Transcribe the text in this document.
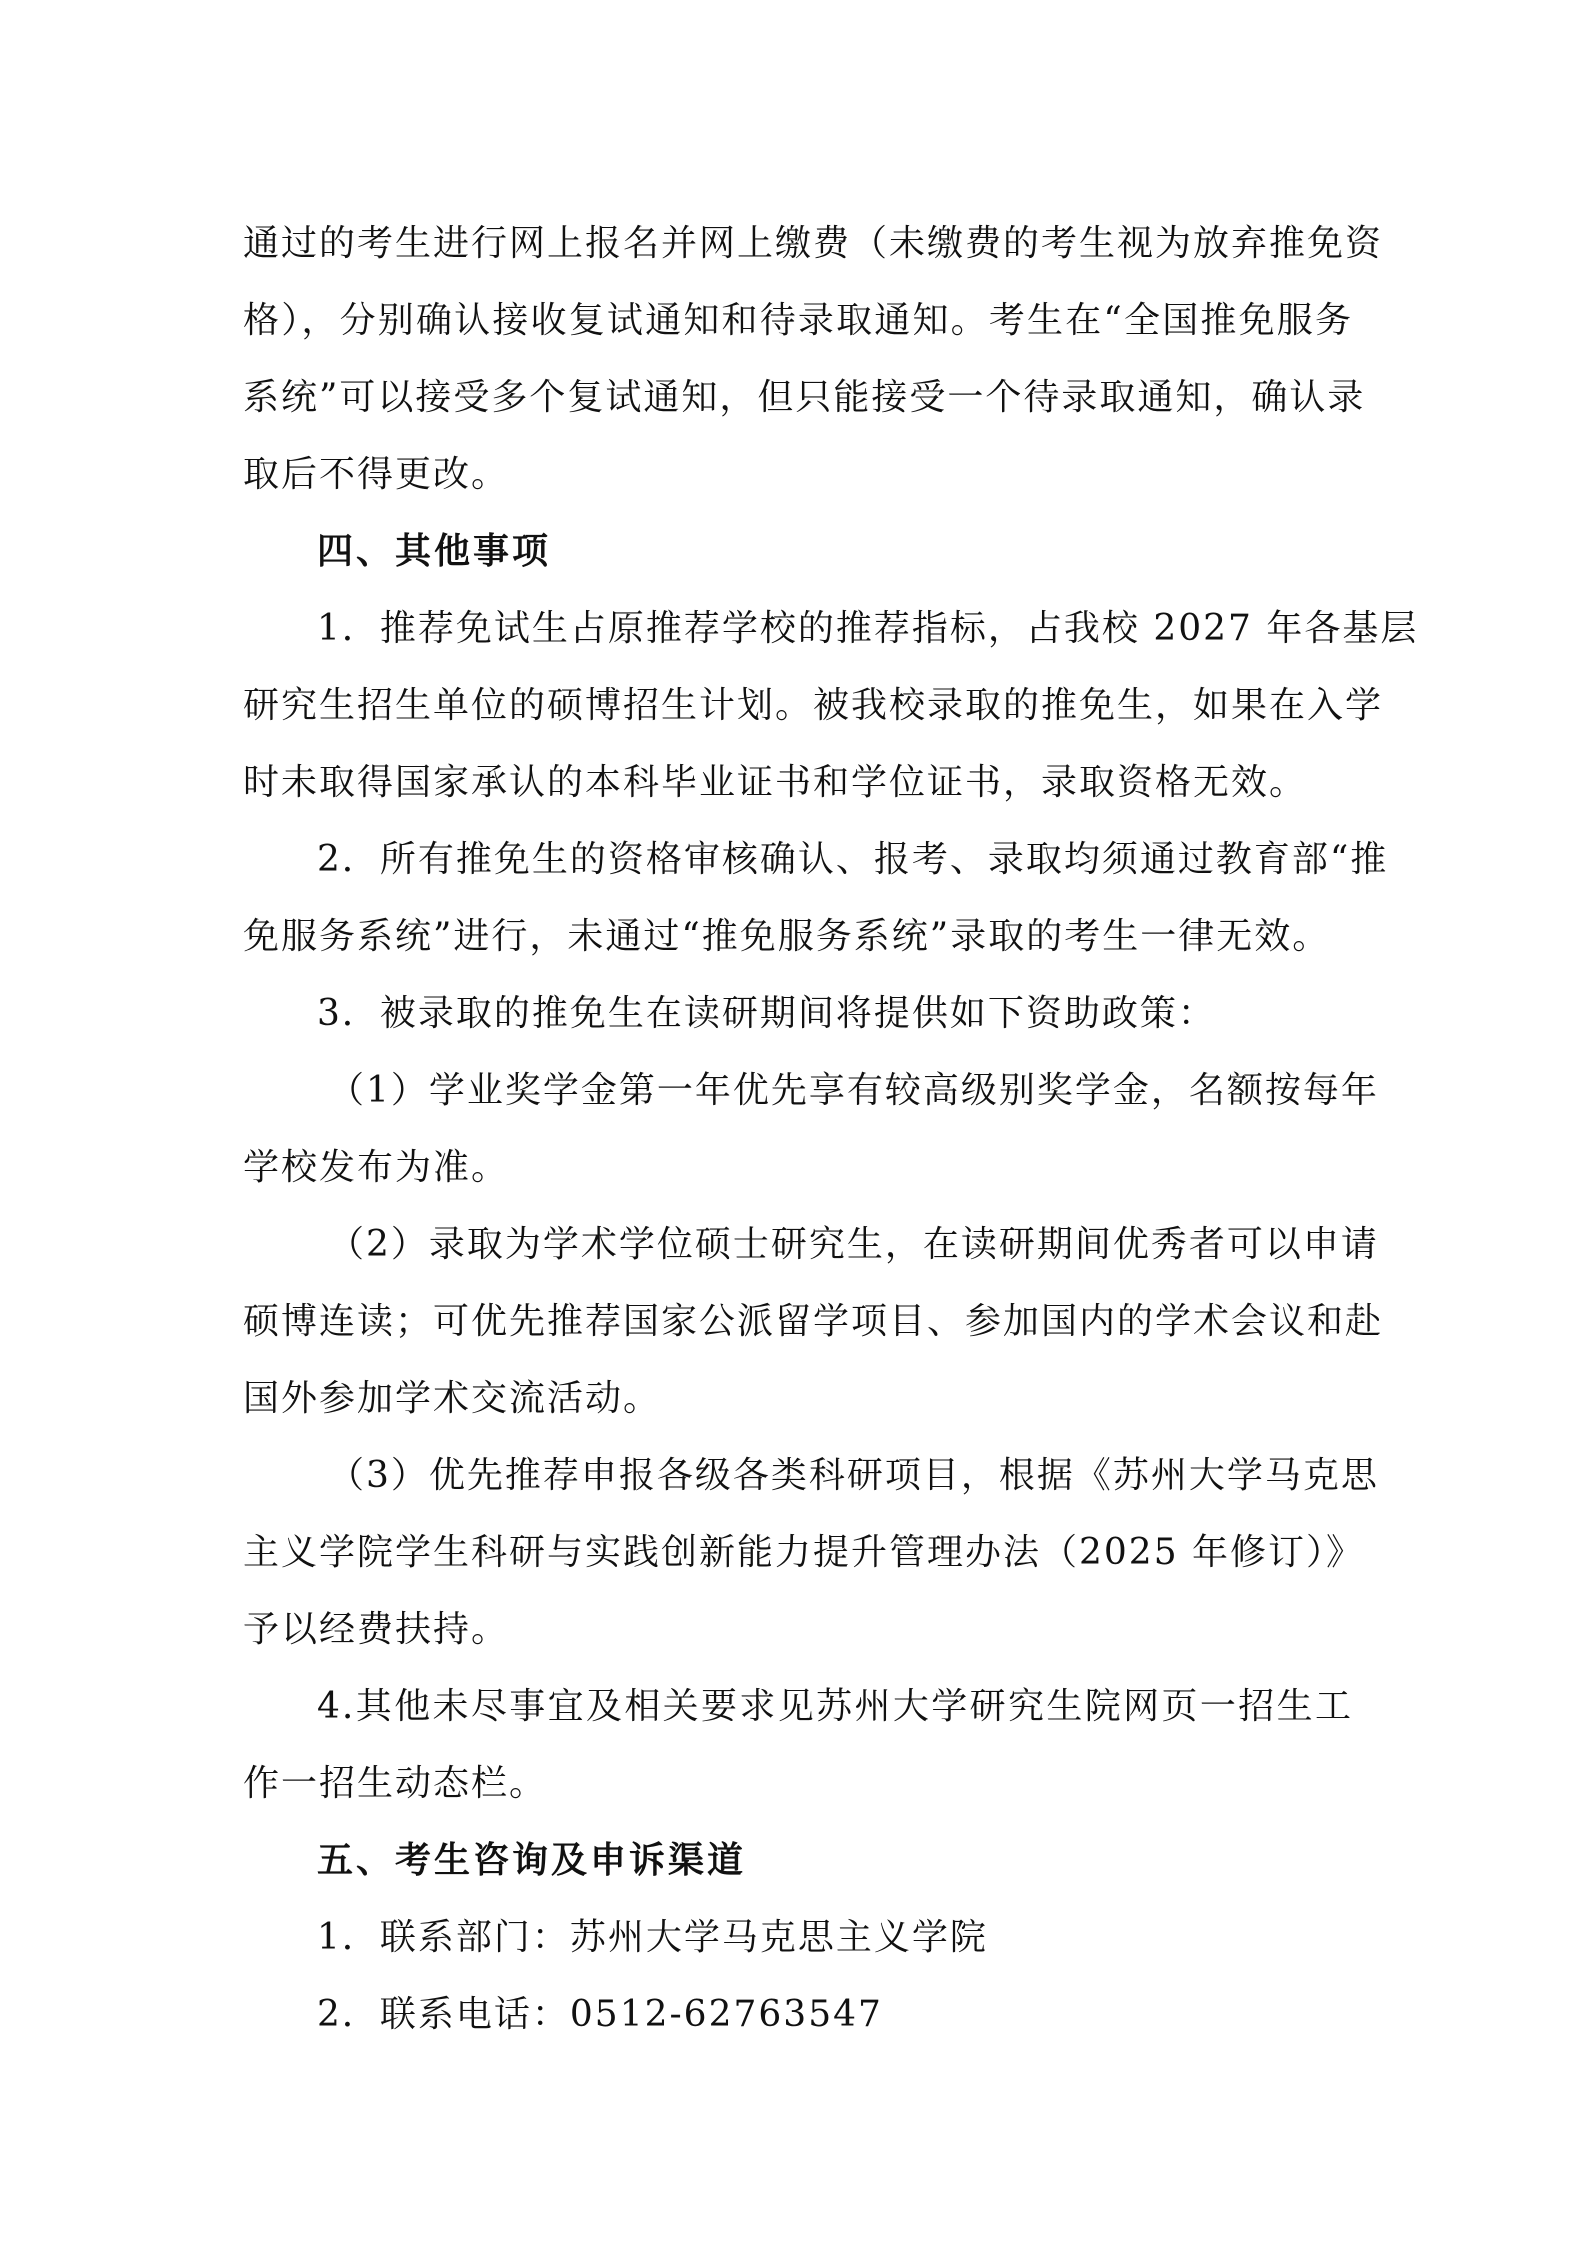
通过的考生进行网上报名并网上缴费（未缴费的考生视为放弃推免资
格），分别确认接收复试通知和待录取通知。考生在“全国推免服务
系统”可以接受多个复试通知，但只能接受一个待录取通知，确认录
取后不得更改。
四、其他事项
1．推荐免试生占原推荐学校的推荐指标，占我校 2027 年各基层
研究生招生单位的硕博招生计划。被我校录取的推免生，如果在入学
时未取得国家承认的本科毕业证书和学位证书，录取资格无效。
2．所有推免生的资格审核确认、报考、录取均须通过教育部“推
免服务系统”进行，未通过“推免服务系统”录取的考生一律无效。
3．被录取的推免生在读研期间将提供如下资助政策：
（1）学业奖学金第一年优先享有较高级别奖学金，名额按每年
学校发布为准。
（2）录取为学术学位硕士研究生，在读研期间优秀者可以申请
硕博连读；可优先推荐国家公派留学项目、参加国内的学术会议和赴
国外参加学术交流活动。
（3）优先推荐申报各级各类科研项目，根据《苏州大学马克思
主义学院学生科研与实践创新能力提升管理办法（2025 年修订）》
予以经费扶持。
4.其他未尽事宜及相关要求见苏州大学研究生院网页一招生工
作一招生动态栏。
五、考生咨询及申诉渠道
1．联系部门：苏州大学马克思主义学院
2．联系电话：0512-62763547
